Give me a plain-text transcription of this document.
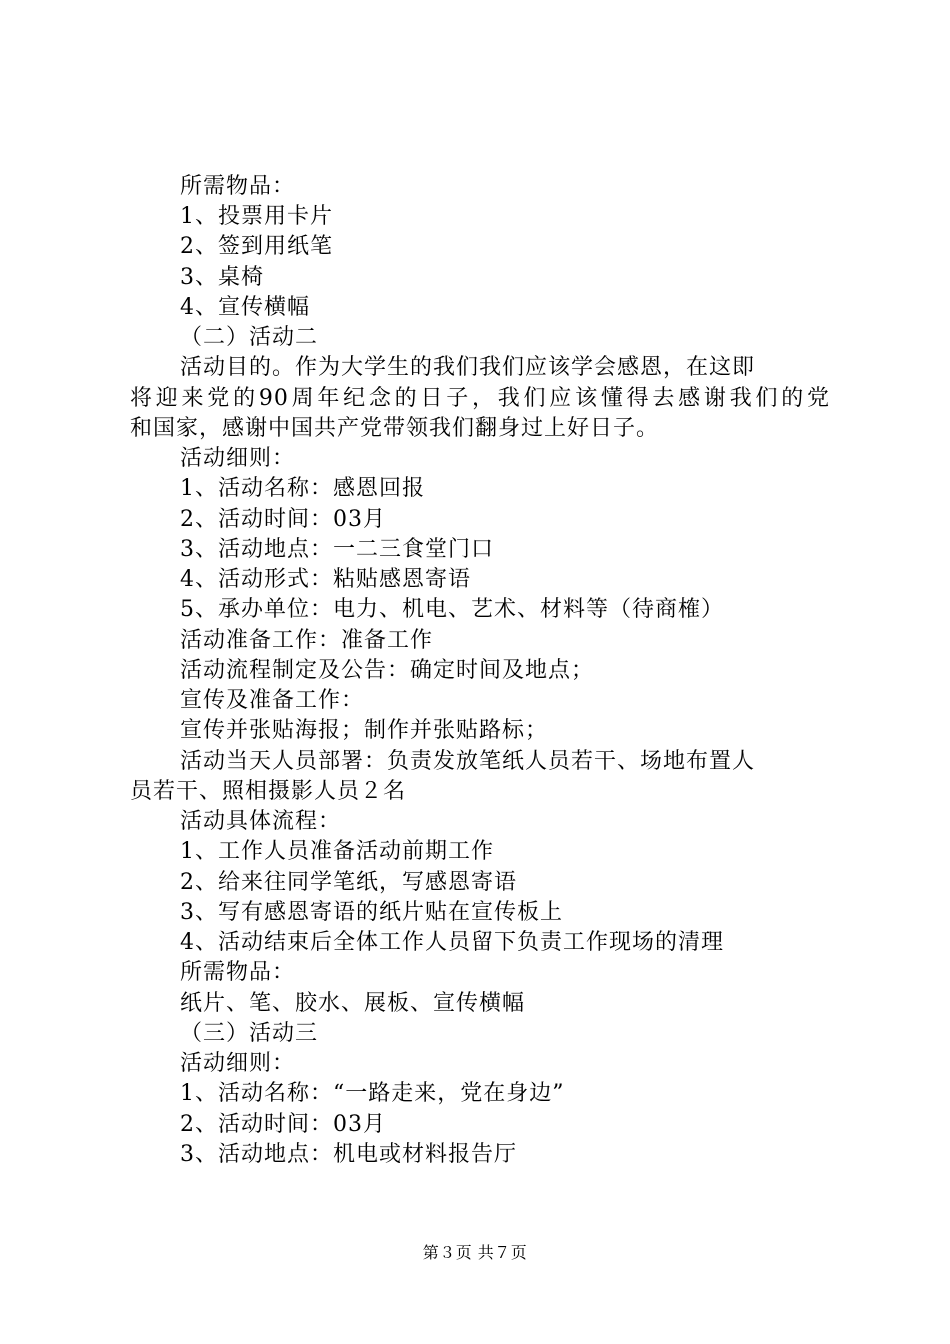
所需物品：
1、投票用卡片
2、签到用纸笔
3、桌椅
4、宣传横幅
（二）活动二
活动目的。作为大学生的我们我们应该学会感恩，在这即
将迎来党的90周年纪念的日子，我们应该懂得去感谢我们的党
和国家，感谢中国共产党带领我们翻身过上好日子。
活动细则：
1、活动名称：感恩回报
2、活动时间：03月
3、活动地点：一二三食堂门口
4、活动形式：粘贴感恩寄语
5、承办单位：电力、机电、艺术、材料等（待商榷）
活动准备工作：准备工作
活动流程制定及公告：确定时间及地点；
宣传及准备工作：
宣传并张贴海报；制作并张贴路标；
活动当天人员部署：负责发放笔纸人员若干、场地布置人
员若干、照相摄影人员２名
活动具体流程：
1、工作人员准备活动前期工作
2、给来往同学笔纸，写感恩寄语
3、写有感恩寄语的纸片贴在宣传板上
4、活动结束后全体工作人员留下负责工作现场的清理
所需物品：
纸片、笔、胶水、展板、宣传横幅
（三）活动三
活动细则：
1、活动名称：“一路走来，党在身边”
2、活动时间：03月
3、活动地点：机电或材料报告厅
第３页 共７页
